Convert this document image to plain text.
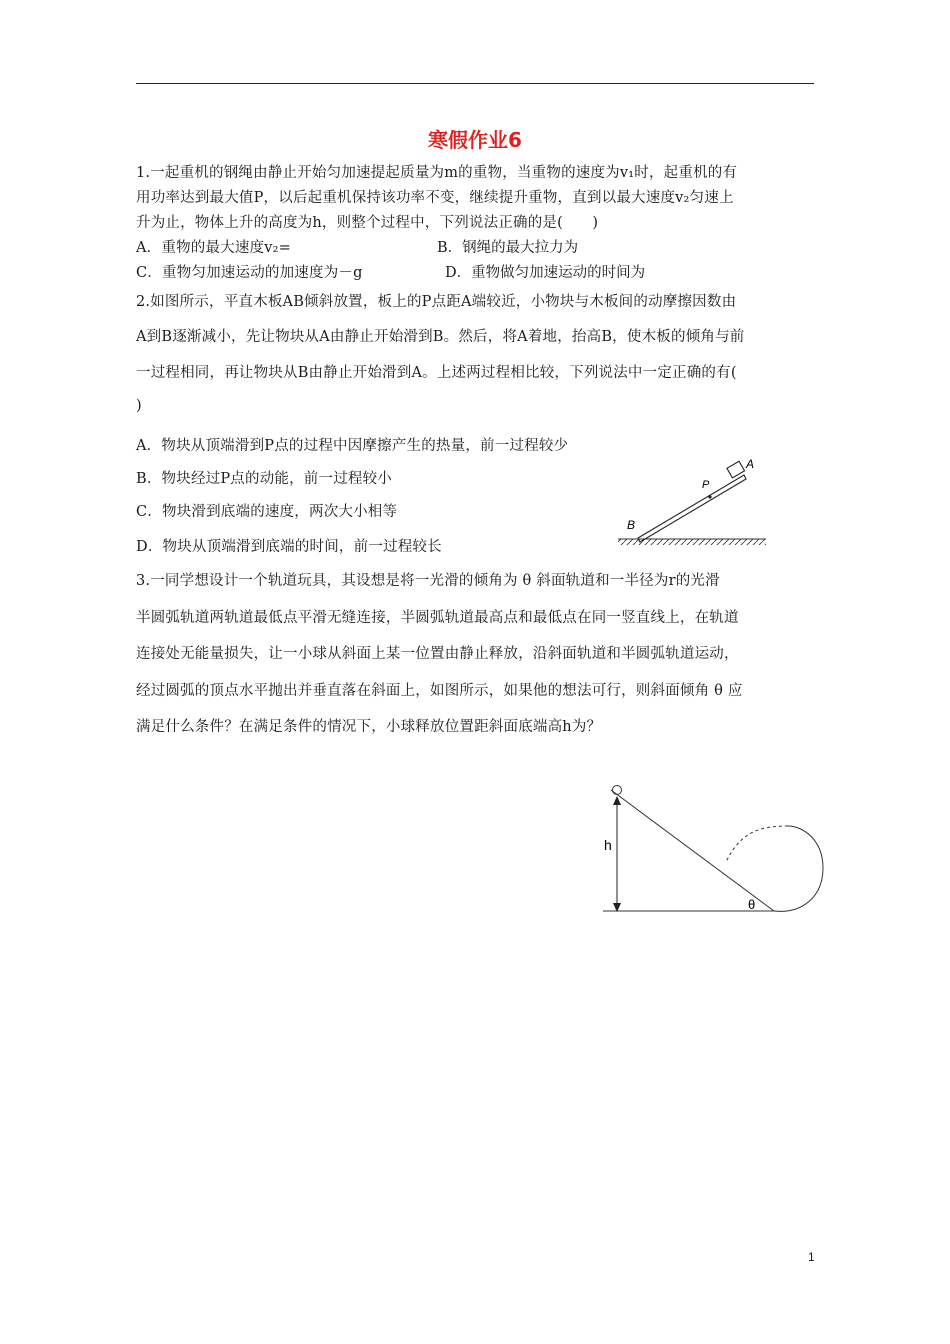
寒假作业6
1.一起重机的钢绳由静止开始匀加速提起质量为m的重物，当重物的速度为v₁时，起重机的有
用功率达到最大值P，以后起重机保持该功率不变，继续提升重物，直到以最大速度v₂匀速上
升为止，物体上升的高度为h，则整个过程中，下列说法正确的是(　　)
A．重物的最大速度v₂=	B．钢绳的最大拉力为
C．重物匀加速运动的加速度为－g	D．重物做匀加速运动的时间为
2.如图所示，平直木板AB倾斜放置，板上的P点距A端较近，小物块与木板间的动摩擦因数由
A到B逐渐减小，先让物块从A由静止开始滑到B。然后，将A着地，抬高B，使木板的倾角与前
一过程相同，再让物块从B由静止开始滑到A。上述两过程相比较，下列说法中一定正确的有(
)
A．物块从顶端滑到P点的过程中因摩擦产生的热量，前一过程较少
B．物块经过P点的动能，前一过程较小
C．物块滑到底端的速度，两次大小相等
D．物块从顶端滑到底端的时间，前一过程较长
A
P
B
3.一同学想设计一个轨道玩具，其设想是将一光滑的倾角为 θ 斜面轨道和一半径为r的光滑
半圆弧轨道两轨道最低点平滑无缝连接，半圆弧轨道最高点和最低点在同一竖直线上，在轨道
连接处无能量损失，让一小球从斜面上某一位置由静止释放，沿斜面轨道和半圆弧轨道运动，
经过圆弧的顶点水平抛出并垂直落在斜面上，如图所示，如果他的想法可行，则斜面倾角 θ 应
满足什么条件？在满足条件的情况下，小球释放位置距斜面底端高h为？
h
θ
1
